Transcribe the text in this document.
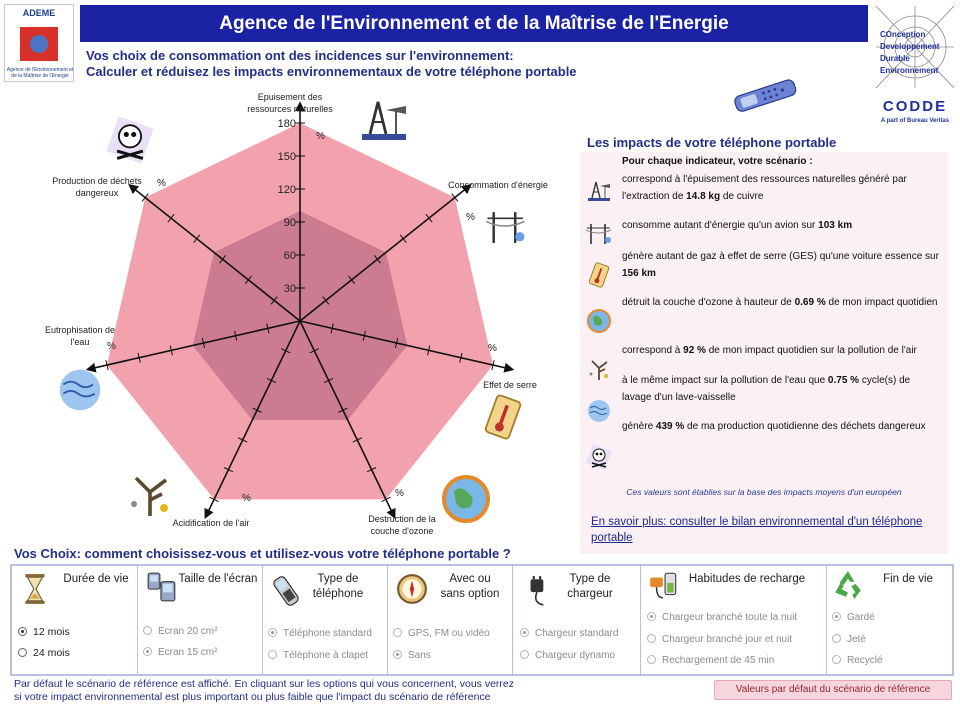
ADEME
Agence de l'Environnement et de la Maîtrise de l'Energie
Agence de l'Environnement et de la Maîtrise de l'Energie
Vos choix de consommation ont des incidences sur l'environnement:
Calculer et réduisez les impacts environnementaux de votre téléphone portable
COnception
Developpement
Durable
Environnement
CODDE
A part of Bureau Veritas
30
60
90
120
150
180
Epuisement des ressources naturelles
%
Consommation d'énergie
%
Effet de serre
%
Destruction de la couche d'ozone
%
Acidification de l'air
%
Eutrophisation de l'eau	%
Production de déchets dangereux
%
Les impacts de votre téléphone portable
Pour chaque indicateur, votre scénario :
correspond à l'épuisement des ressources naturelles généré par l'extraction de 14.8 kg de cuivre
consomme autant d'énergie qu'un avion sur 103 km
génère autant de gaz à effet de serre (GES) qu'une voiture essence sur 156 km
détruit la couche d'ozone à hauteur de 0.69 % de mon impact quotidien
correspond à 92 % de mon impact quotidien sur la pollution de l'air
à le même impact sur la pollution de l'eau que 0.75 % cycle(s) de lavage d'un lave-vaisselle
génère 439 % de ma production quotidienne des déchets dangereux
Ces valeurs sont établies sur la base des impacts moyens d'un européen
En savoir plus: consulter le bilan environnemental d'un téléphone portable
Vos Choix: comment choisissez-vous et utilisez-vous votre téléphone portable ?
Durée de vie
12 mois
24 mois
Taille de l'écran
Ecran 20 cm²
Ecran 15 cm²
Type de téléphone
Téléphone standard
Téléphone à clapet
Avec ou sans option
GPS, FM ou vidéo
Sans
Type de chargeur
Chargeur standard
Chargeur dynamo
Habitudes de recharge
Chargeur branché toute la nuit
Chargeur branché jour et nuit
Rechargement de 45 min
Fin de vie
Gardé
Jeté
Recyclé
Par défaut le scénario de référence est affiché. En cliquant sur les options qui vous concernent, vous verrez
si votre impact environnemental est plus important ou plus faible que l'impact du scénario de référence
Valeurs par défaut du scénario de référence
